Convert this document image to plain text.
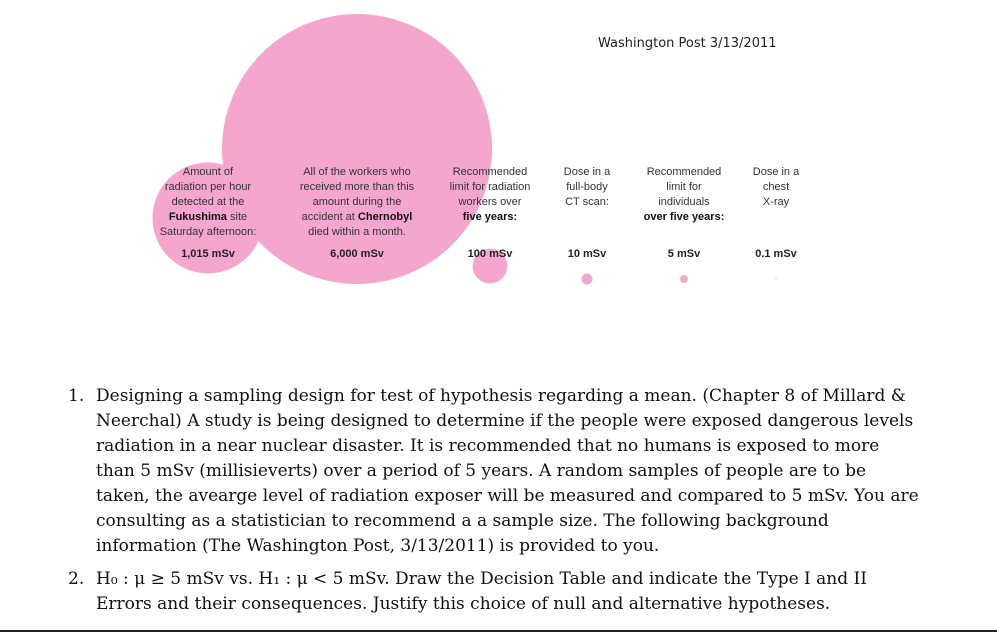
Washington Post 3/13/2011
Amount of
radiation per hour
detected at the
Fukushima site
Saturday afternoon:
1,015 mSv
All of the workers who
received more than this
amount during the
accident at Chernobyl
died within a month.
6,000 mSv
Recommended
limit for radiation
workers over
five years:
100 mSv
Dose in a
full-body
CT scan:
10 mSv
Recommended
limit for
individuals
over five years:
5 mSv
Dose in a
chest
X-ray
0.1 mSv
1. Designing a sampling design for test of hypothesis regarding a mean. (Chapter 8 of Millard & Neerchal) A study is being designed to determine if the people were exposed dangerous levels radiation in a near nuclear disaster. It is recommended that no humans is exposed to more than 5 mSv (millisieverts) over a period of 5 years. A random samples of people are to be taken, the avearge level of radiation exposer will be measured and compared to 5 mSv. You are consulting as a statistician to recommend a a sample size. The following background information (The Washington Post, 3/13/2011) is provided to you.
2. H₀ : μ ≥ 5 mSv vs. H₁ : μ < 5 mSv. Draw the Decision Table and indicate the Type I and II Errors and their consequences. Justify this choice of null and alternative hypotheses.
